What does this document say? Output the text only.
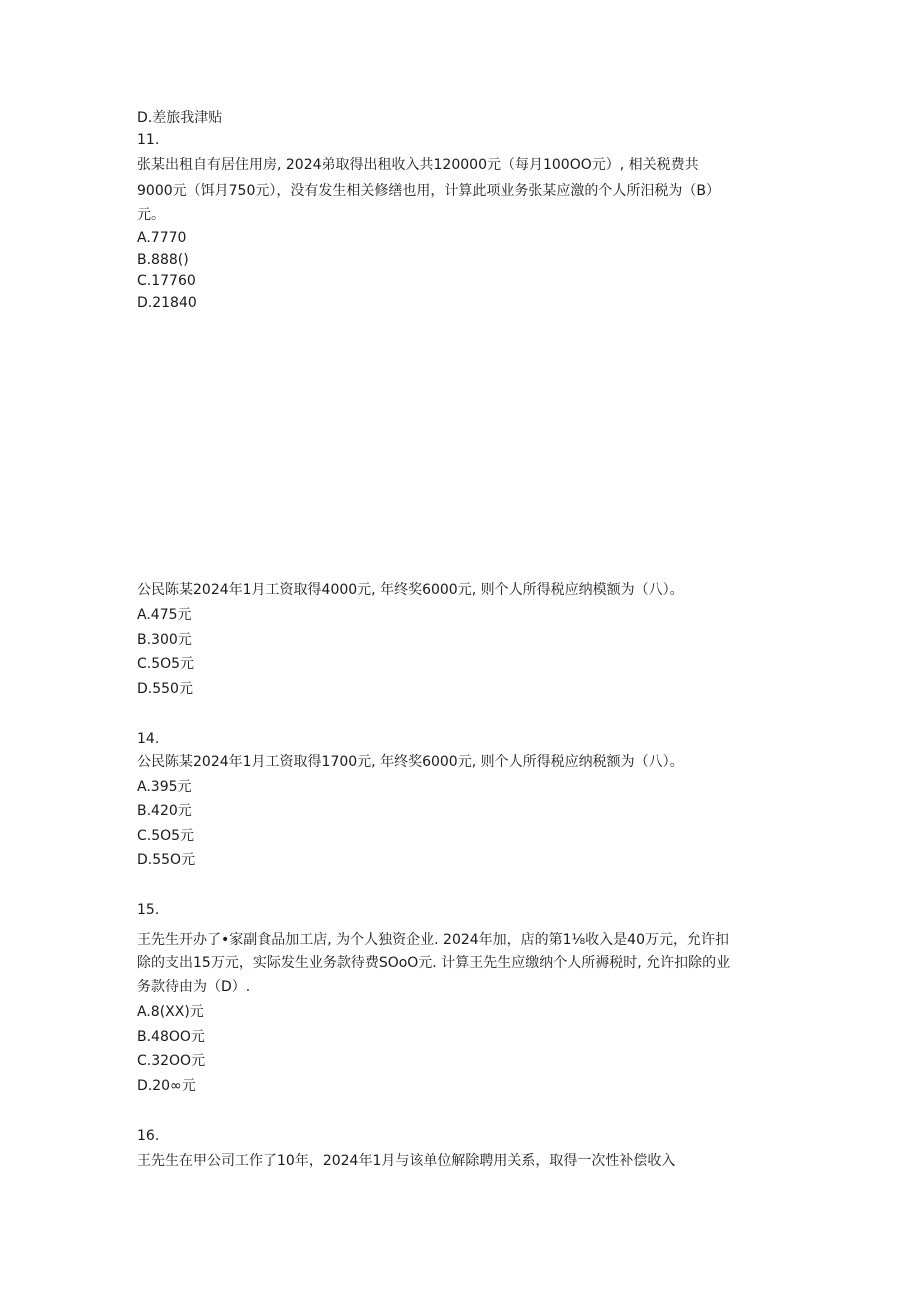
D.差旅我津贴
11.
张某出租自有居住用房, 2024弟取得出租收入共120000元（每月100OO元）, 相关税费共
9000元（饵月750元），没有发生相关修缮也用，计算此项业务张某应激的个人所汨税为（B）
元。
A.7770
B.888()
C.17760
D.21840
公民陈某2024年1月工资取得4000元, 年终奖6000元, 则个人所得税应纳模额为（八）。
A.475元
B.300元
C.5O5元
D.550元
14.
公民陈某2024年1月工资取得1700元, 年终奖6000元, 则个人所得税应纳税额为（八）。
A.395元
B.420元
C.5O5元
D.55O元
15.
王先生开办了•家副食品加工店, 为个人独资企业. 2024年加，店的第1⅛收入是40万元，允许扣
除的支出15万元，实际发生业务款待费SOoO元. 计算王先生应缴纳个人所褥税时, 允许扣除的业
务款待由为（D）.
A.8(XX)元
B.48OO元
C.32OO元
D.20∞元
16.
王先生在甲公司工作了10年，2024年1月与该单位解除聘用关系，取得一次性补偿收入
